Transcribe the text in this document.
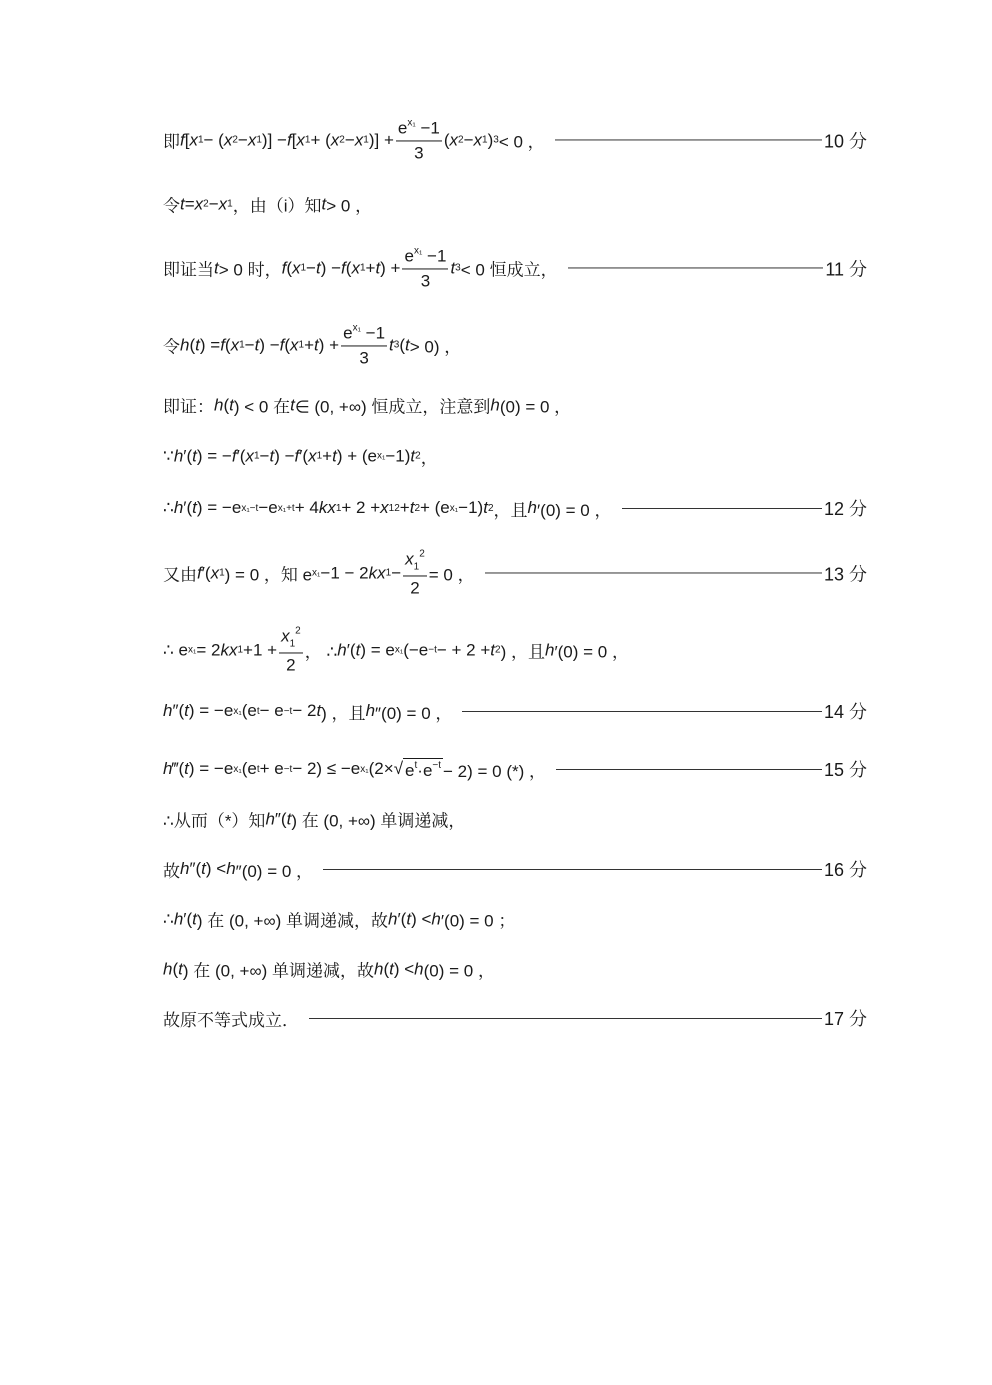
即 f [ x 1 − ( x 2 − x 1 )] − f [ x 1 + ( x 2 − x 1 )] + $\frac{e^{x_1} -1}{3}$ ( x 2 − x 1 ) 3 < 0 ，	10 分
令 t = x 2 − x 1 ，由（i）知 t > 0 ，
即证当 t > 0 时， f ( x 1 − t ) − f ( x 1 + t ) + $\frac{e^{x_1} -1}{3}$ t 3 < 0 恒成立，	11 分
令 h ( t ) = f ( x 1 − t ) − f ( x 1 + t ) + $\frac{e^{x_1} -1}{3}$ t 3 ( t > 0) ，
即证： h ( t ) < 0 在 t ∈ (0, +∞) 恒成立，注意到 h (0) = 0 ，
∵ h ′( t ) = − f ′( x 1 − t ) − f ′( x 1 + t ) + (e x₁ −1) t 2 ，
∴ h ′( t ) = −e x₁−t −e x₁+t + 4 kx 1 + 2 + x 1 2 + t 2 + (e x₁ −1) t 2 ，且 h ′(0) = 0 ，	12 分
又由 f ′( x 1 ) = 0 ，知 e x₁ −1 − 2 kx $1 - \frac{x_1^2}{2} = 0$ ，	13 分
∴ e x₁ = 2 kx $1 +1 + \frac{x_1^2}{2}$ ， ∴ h ′( t ) = e x₁ (−e −t − + 2 + t 2 ) ，且 h ′(0) = 0 ，
h ″( t ) = −e x₁ (e t − e −t − 2 t ) ，且 h ″(0) = 0 ，	14 分
h ‴( t ) = −e x₁ (e t + e −t − 2) ≤ −e x₁ (2× √ $e^t\cdot e^{-t} - 2) = 0$ (*) ，	15 分
∴从而（*）知 h ″( t ) 在 (0, +∞) 单调递减，
故 h ″( t ) < h ″(0) = 0 ，	16 分
∴ h ′( t ) 在 (0, +∞) 单调递减，故 h ′( t ) < h ′(0) = 0 ；
h ( t ) 在 (0, +∞) 单调递减，故 h ( t ) < h (0) = 0 ，
故原不等式成立．	17 分
